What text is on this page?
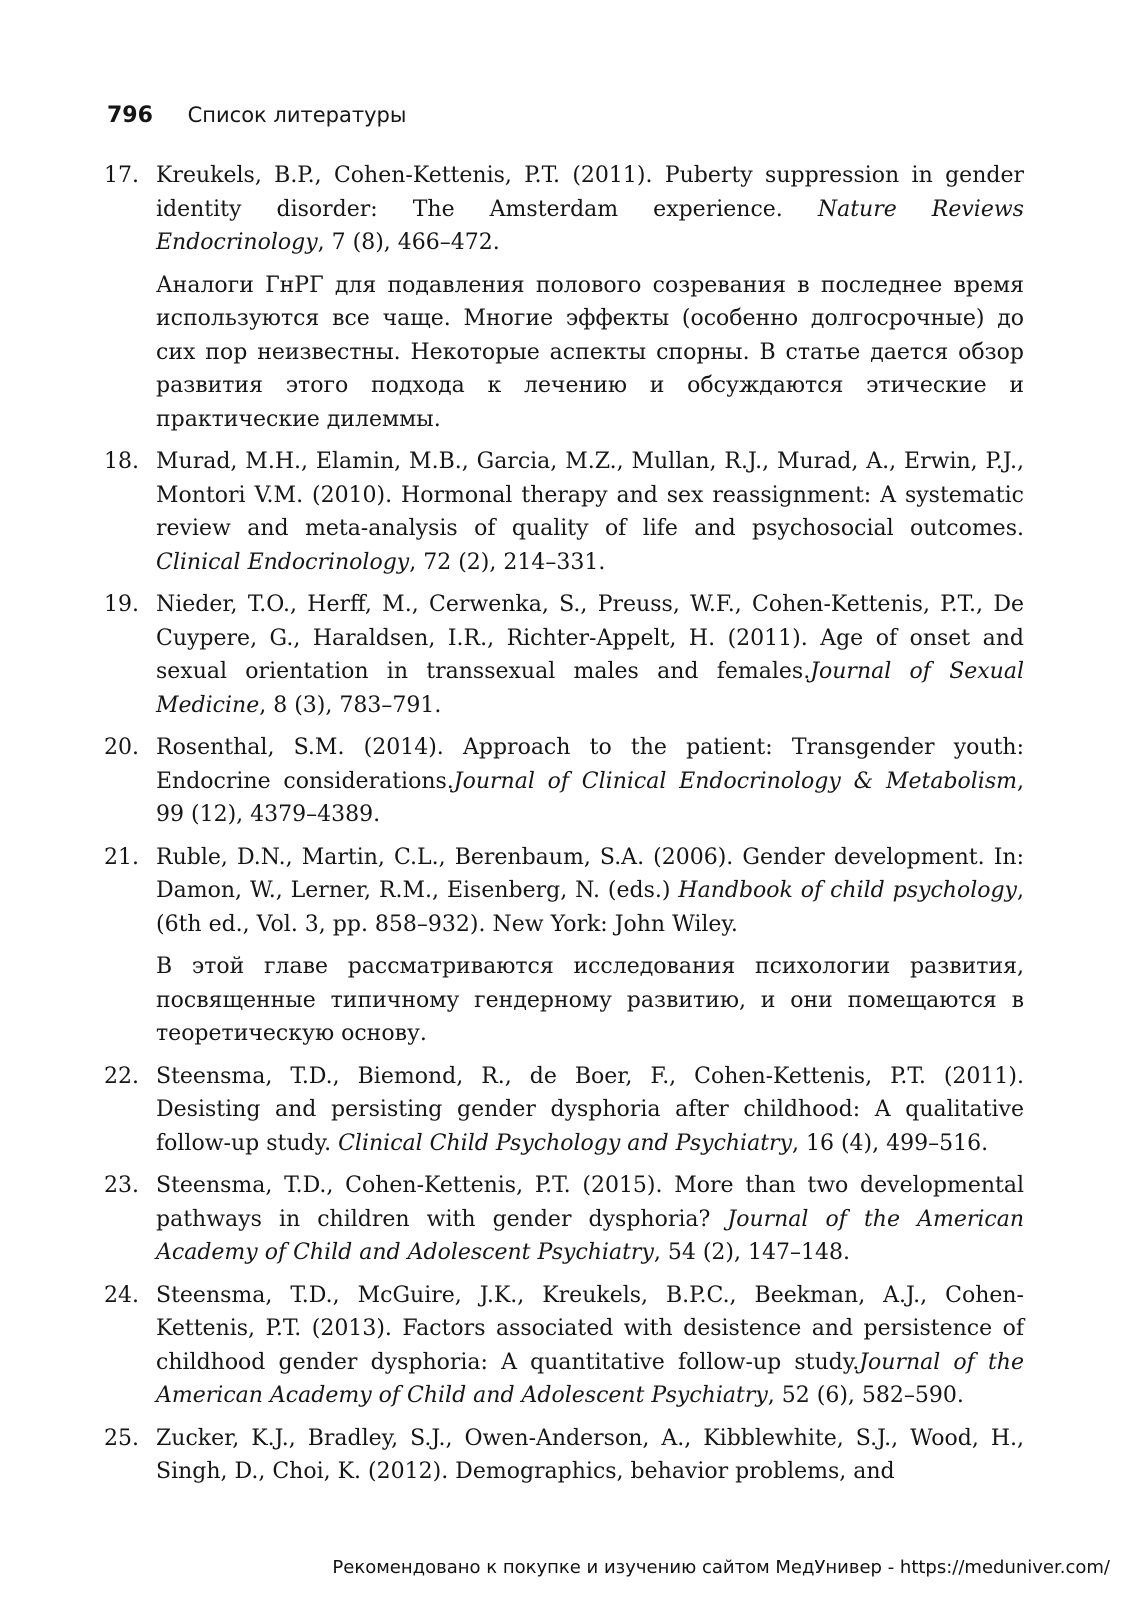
796 Список литературы
17. Kreukels, B.P., Cohen-Kettenis, P.T. (2011). Puberty suppression in gender identity disorder: The Amsterdam experience. Nature Reviews Endocrinology, 7 (8), 466–472.
Аналоги ГнРГ для подавления полового созревания в последнее время используются все чаще. Многие эффекты (особенно долгосрочные) до сих пор неизвестны. Некоторые аспекты спорны. В статье дается обзор развития этого подхода к лечению и обсуждаются этические и практические дилеммы.
18. Murad, M.H., Elamin, M.B., Garcia, M.Z., Mullan, R.J., Murad, A., Erwin, P.J., Montori V.M. (2010). Hormonal therapy and sex reassignment: A systematic review and meta-analysis of quality of life and psychosocial outcomes. Clinical Endocrinology, 72 (2), 214–331.
19. Nieder, T.O., Herff, M., Cerwenka, S., Preuss, W.F., Cohen-Kettenis, P.T., De Cuypere, G., Haraldsen, I.R., Richter-Appelt, H. (2011). Age of onset and sexual orientation in transsexual males and females.Journal of Sexual Medicine, 8 (3), 783–791.
20. Rosenthal, S.M. (2014). Approach to the patient: Transgender youth: Endocrine considerations.Journal of Clinical Endocrinology & Metabolism, 99 (12), 4379–4389.
21. Ruble, D.N., Martin, C.L., Berenbaum, S.A. (2006). Gender development. In: Damon, W., Lerner, R.M., Eisenberg, N. (eds.) Handbook of child psychology, (6th ed., Vol. 3, pp. 858–932). New York: John Wiley.
В этой главе рассматриваются исследования психологии развития, посвященные типичному гендерному развитию, и они помещаются в теоретическую основу.
22. Steensma, T.D., Biemond, R., de Boer, F., Cohen-Kettenis, P.T. (2011). Desisting and persisting gender dysphoria after childhood: A qualitative follow-up study. Clinical Child Psychology and Psychiatry, 16 (4), 499–516.
23. Steensma, T.D., Cohen-Kettenis, P.T. (2015). More than two developmental pathways in children with gender dysphoria? Journal of the American Academy of Child and Adolescent Psychiatry, 54 (2), 147–148.
24. Steensma, T.D., McGuire, J.K., Kreukels, B.P.C., Beekman, A.J., Cohen-Kettenis, P.T. (2013). Factors associated with desistence and persistence of childhood gender dysphoria: A quantitative follow-up study.Journal of the American Academy of Child and Adolescent Psychiatry, 52 (6), 582–590.
25. Zucker, K.J., Bradley, S.J., Owen-Anderson, A., Kibblewhite, S.J., Wood, H., Singh, D., Choi, K. (2012). Demographics, behavior problems, and
Рекомендовано к покупке и изучению сайтом МедУнивер - https://meduniver.com/
